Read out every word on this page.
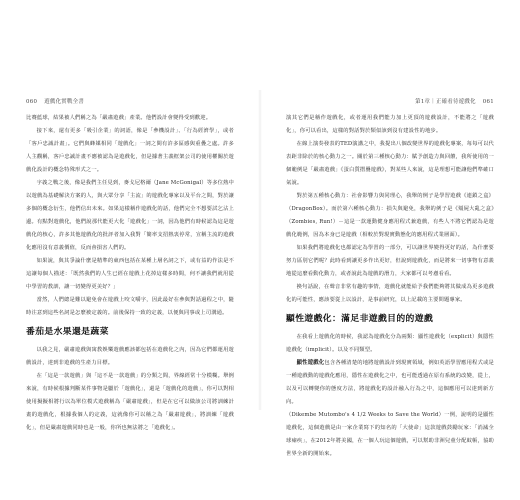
060 遊戲化實戰全書

比賽藍球，結果被人們稱之為「嚴肅遊戲」產業。他們設計會變得受到歡迎。

接下來，還有更多「吸引企業」的詞語，像是「參機設計」、「行為經濟學」，或者「客戶忠誠計畫」。它們與蜂媒相同「遊戲化」一詞之間有許多區感與重疊之處。許多人主觀稱，客戶忠誠計畫不應被認為是遊戲化，但是據著主義框架公司的使用權關於遊戲化設計的概念特殊形式之一。

字義之戰之後，像是我們主任見到，麥戈尼格爾（Jane McGonigal）等多位熱中以遊戲為基礎解決方案的人，與大眾分享「主流」的遊戲化專家以及平台之間，對於讓多個的概念衍生，他們信出未來。如果這樣稱作遊戲化的話，他們完全不想要試乞沾上邊。有點對遊戲化，他們說那代能更大化「遊戲化」一詞，因為他們有時候認為這是遊戲化的核心，許多其他遊戲化的批評者加入我對「簡率支招熱衷停常，宣稱主流的遊戲化應用沒有意義價值，反而會損害人們的。

如果說，與其爭論什麼是精準的東西包括在某種上層名詞之下，或有益的作法是不這讓每個人描述：「既然我們的人生已經在遊戲上花掉這樣多時間，何不讓我們就用從中學習的教訓，讓一切變得更美好？」

當然，人們總是難以避免會在遊戲上咬文嚼字，因此最好在參與對話過程之中，隨時注意到這些名詞是怎麼被定義的。前後保持一致的定義，以便與同事或上司溝通。

番茄是水果還是蔬菜

以我之見，嚴肅遊戲與寓教娛樂遊戲應該都包括在遊戲化之內，因為它們都運用遊戲設計，達到非遊戲的生產力目標。

在「這是一款遊戲」與「這不是一款遊戲」的分類之間，界線經常十分模糊。舉例來說，有時候根據判斷某件事物是屬於「遊戲化」，還是「遊戲化的遊戲」，你可以對相使用擬擬相將行以為單位模式遊戲稱為「嚴肅遊戲」，但是在它可以做該公司將訓練計畫的遊戲化，根據我個人的定義，這就像你可以稱之為「嚴肅遊戲」，將訓練「遊戲化」，但是嚴肅遊戲同時也是一般，你所也無法將之「遊戲化」。

第1章｜正確看待遊戲化 061

演其它們是稱作遊戲化，或者運用我們能力加上更頂的遊戲設計，不能將之「遊戲化」，你可以看出，這樣的對話對於類似該到沒有建設性的地步。

在線上演奏發表的TED演講之中，我提出八個改變世界的遊戲化專案，每每可以代表距非除於的核心動力之一。關於第三種核心動力：賦予創造力與回饋，我所使用的一個範例是「嚴肅遊戲」《蛋白質摺疊遊戲》，對某些人來說，這是理想可能讓他們準確口氣說。

對於第五種核心動力：社會影響力與同理心，我舉的例子是學習遊戲《連鎖之盒》（DragonBox）。而於第六種核心動力：損失與避免，我舉的例子是《殭屍大亂之盒》（Zombies, Run!）－這是一款運動健身應用程式兼遊戲，有些人不將它們認為是遊戲化範例，因為本身已是遊戲（相較於對現實動態化的應用程式業層面）。

如果我們將遊戲化也都認定為學習的一部分，可以讓世界變得更好的話，為什麼要努力區別它們呢？此時看到讓更多作出更好，但說到遊戲化，而是將來一切事物有意義地從這麼看動化動力，或者說此為遊戲的潛力，大家都可以考慮看看。

換句話說，在聲音非常有趣的事情，遊戲化就能給予我們能夠將其做成為更多遊戲化的可能性，應該要從上以設計，是事前研究，以上記載的主要問題專家。

顯性遊戲化：滿足非遊戲目的的遊戲

在我看上遊戲化的時候，我認為遊戲化分為兩類：顯性遊戲化（explicit）與隱性遊戲化（implicit）。以及不同類型。

顯性遊戲化包含各種清楚的地將遊戲設計到現實領域，例如英語學習應用程式或是一種遊戲動的遊戲化應用，隱性在遊戲化之中，也可能透過在原有系統的改變，從上，以及可以轉變你的態度方法，將遊戲化的設計融入行為之中，這個應用可以達到新方向。

（Dikembe Mutombo's 4 1/2 Weeks to Save the World）一例，說明的是顯性遊戲化，這個遊戲是由一家企業寫下的知名的「大使命」這款遊戲鼓勵玩家：「消滅全球瘧疾」，在2012年將美國，在一個人玩這個遊戲，可以幫助非洲兒童分配蚊帳，協助世界全新的開始來。
